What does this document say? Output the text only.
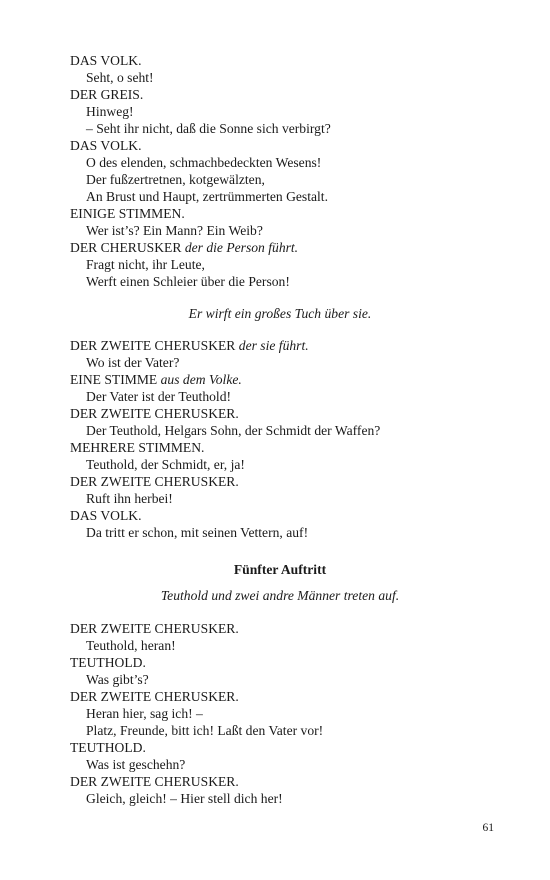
DAS VOLK.
Seht, o seht!
DER GREIS.
Hinweg!
– Seht ihr nicht, daß die Sonne sich verbirgt?
DAS VOLK.
O des elenden, schmachbedeckten Wesens!
Der fußzertretnen, kotgewälzten,
An Brust und Haupt, zertrümmerten Gestalt.
EINIGE STIMMEN.
Wer ist’s? Ein Mann? Ein Weib?
DER CHERUSKER der die Person führt.
Fragt nicht, ihr Leute,
Werft einen Schleier über die Person!
Er wirft ein großes Tuch über sie.
DER ZWEITE CHERUSKER der sie führt.
Wo ist der Vater?
EINE STIMME aus dem Volke.
Der Vater ist der Teuthold!
DER ZWEITE CHERUSKER.
Der Teuthold, Helgars Sohn, der Schmidt der Waffen?
MEHRERE STIMMEN.
Teuthold, der Schmidt, er, ja!
DER ZWEITE CHERUSKER.
Ruft ihn herbei!
DAS VOLK.
Da tritt er schon, mit seinen Vettern, auf!
Fünfter Auftritt
Teuthold und zwei andre Männer treten auf.
DER ZWEITE CHERUSKER.
Teuthold, heran!
TEUTHOLD.
Was gibt’s?
DER ZWEITE CHERUSKER.
Heran hier, sag ich! –
Platz, Freunde, bitt ich! Laßt den Vater vor!
TEUTHOLD.
Was ist geschehn?
DER ZWEITE CHERUSKER.
Gleich, gleich! – Hier stell dich her!
61
